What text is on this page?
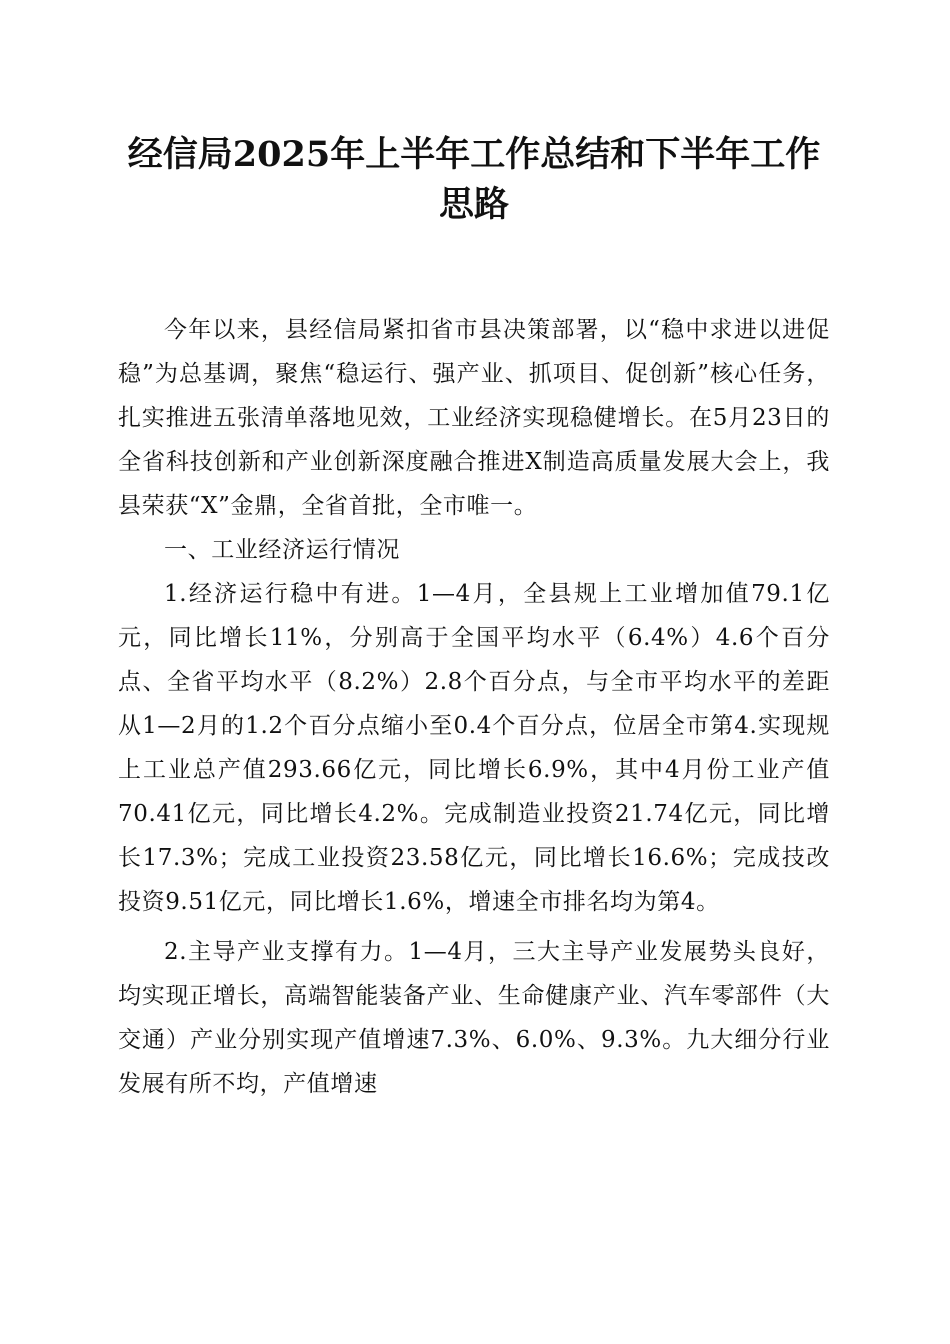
经信局2025年上半年工作总结和下半年工作
思路

今年以来，县经信局紧扣省市县决策部署，以“稳中求进以进促稳”为总基调，聚焦“稳运行、强产业、抓项目、促创新”核心任务，扎实推进五张清单落地见效，工业经济实现稳健增长。在5月23日的全省科技创新和产业创新深度融合推进X制造高质量发展大会上，我县荣获“X”金鼎，全省首批，全市唯一。

一、工业经济运行情况

1.经济运行稳中有进。1—4月，全县规上工业增加值79.1亿元，同比增长11%，分别高于全国平均水平（6.4%）4.6个百分点、全省平均水平（8.2%）2.8个百分点，与全市平均水平的差距从1—2月的1.2个百分点缩小至0.4个百分点，位居全市第4.实现规上工业总产值293.66亿元，同比增长6.9%，其中4月份工业产值70.41亿元，同比增长4.2%。完成制造业投资21.74亿元，同比增长17.3%；完成工业投资23.58亿元，同比增长16.6%；完成技改投资9.51亿元，同比增长1.6%，增速全市排名均为第4。

2.主导产业支撑有力。1—4月，三大主导产业发展势头良好，均实现正增长，高端智能装备产业、生命健康产业、汽车零部件（大交通）产业分别实现产值增速7.3%、6.0%、9.3%。九大细分行业发展有所不均，产值增速
